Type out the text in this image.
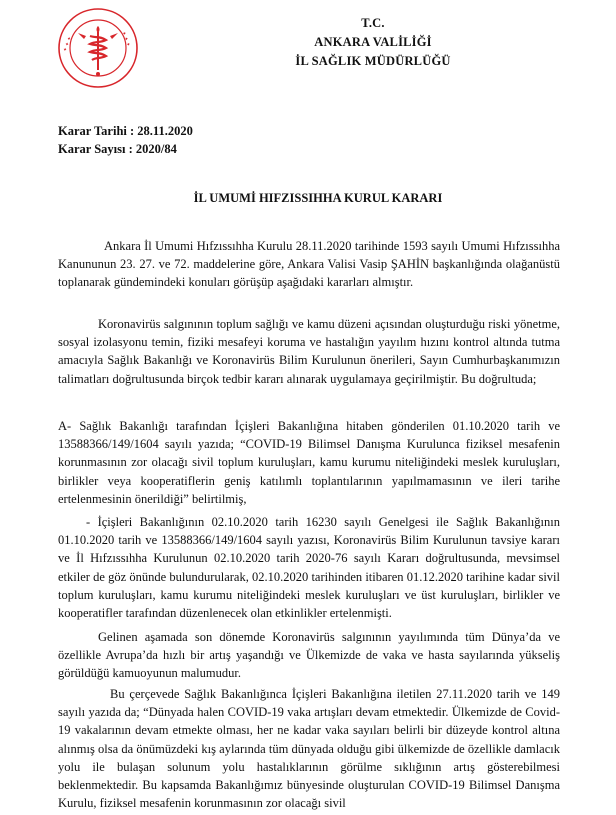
✦ ✦ ✦	✦ ✦ ✦
T.C.
ANKARA VALİLİĞİ
İL SAĞLIK MÜDÜRLÜĞÜ
Karar Tarihi : 28.11.2020
Karar Sayısı : 2020/84
İL UMUMİ HIFZISSIHHA KURUL KARARI

Ankara İl Umumi Hıfzıssıhha Kurulu 28.11.2020 tarihinde 1593 sayılı Umumi Hıfzıssıhha Kanununun 23. 27. ve 72. maddelerine göre, Ankara Valisi Vasip ŞAHİN başkanlığında olağanüstü toplanarak gündemindeki konuları görüşüp aşağıdaki kararları almıştır.

Koronavirüs salgınının toplum sağlığı ve kamu düzeni açısından oluşturduğu riski yönetme, sosyal izolasyonu temin, fiziki mesafeyi koruma ve hastalığın yayılım hızını kontrol altında tutma amacıyla Sağlık Bakanlığı ve Koronavirüs Bilim Kurulunun önerileri, Sayın Cumhurbaşkanımızın talimatları doğrultusunda birçok tedbir kararı alınarak uygulamaya geçirilmiştir. Bu doğrultuda;

A- Sağlık Bakanlığı tarafından İçişleri Bakanlığına hitaben gönderilen 01.10.2020 tarih ve 13588366/149/1604 sayılı yazıda; “COVID-19 Bilimsel Danışma Kurulunca fiziksel mesafenin korunmasının zor olacağı sivil toplum kuruluşları, kamu kurumu niteliğindeki meslek kuruluşları, birlikler veya kooperatiflerin geniş katılımlı toplantılarının yapılmamasının ve ileri tarihe ertelenmesinin önerildiği” belirtilmiş,

- İçişleri Bakanlığının 02.10.2020 tarih 16230 sayılı Genelgesi ile Sağlık Bakanlığının 01.10.2020 tarih ve 13588366/149/1604 sayılı yazısı, Koronavirüs Bilim Kurulunun tavsiye kararı ve İl Hıfzıssıhha Kurulunun 02.10.2020 tarih 2020-76 sayılı Kararı doğrultusunda, mevsimsel etkiler de göz önünde bulundurularak, 02.10.2020 tarihinden itibaren 01.12.2020 tarihine kadar sivil toplum kuruluşları, kamu kurumu niteliğindeki meslek kuruluşları ve üst kuruluşları, birlikler ve kooperatifler tarafından düzenlenecek olan etkinlikler ertelenmişti.

Gelinen aşamada son dönemde Koronavirüs salgınının yayılımında tüm Dünya’da ve özellikle Avrupa’da hızlı bir artış yaşandığı ve Ülkemizde de vaka ve hasta sayılarında yükseliş görüldüğü kamuoyunun malumudur.

Bu çerçevede Sağlık Bakanlığınca İçişleri Bakanlığına iletilen 27.11.2020 tarih ve 149 sayılı yazıda da; “Dünyada halen COVID-19 vaka artışları devam etmektedir. Ülkemizde de Covid-19 vakalarının devam etmekte olması, her ne kadar vaka sayıları belirli bir düzeyde kontrol altına alınmış olsa da önümüzdeki kış aylarında tüm dünyada olduğu gibi ülkemizde de özellikle damlacık yolu ile bulaşan solunum yolu hastalıklarının görülme sıklığının artış gösterebilmesi beklenmektedir. Bu kapsamda Bakanlığımız bünyesinde oluşturulan COVID-19 Bilimsel Danışma Kurulu, fiziksel mesafenin korunmasının zor olacağı sivil
